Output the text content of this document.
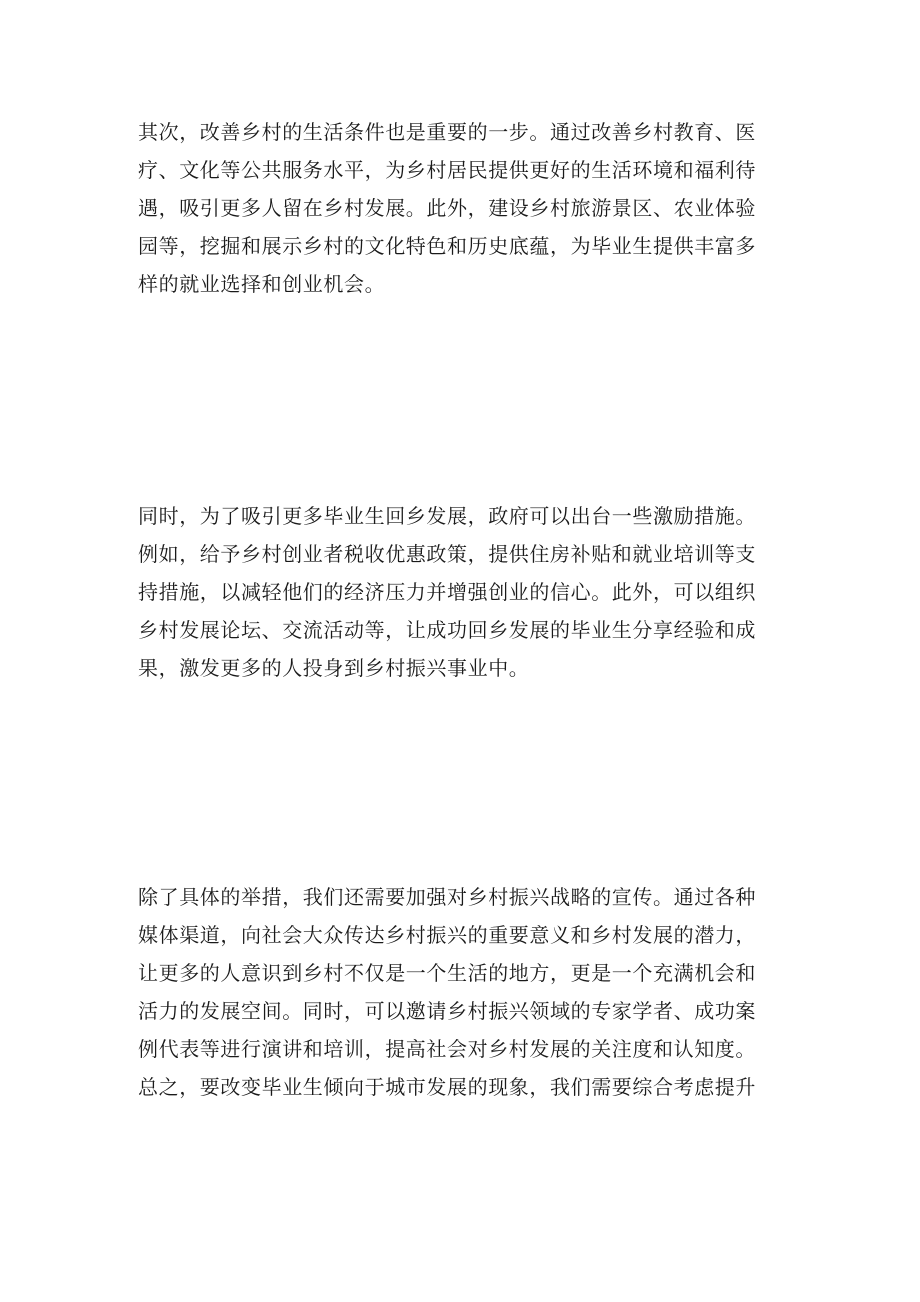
其次，改善乡村的生活条件也是重要的一步。通过改善乡村教育、医
疗、文化等公共服务水平，为乡村居民提供更好的生活环境和福利待
遇，吸引更多人留在乡村发展。此外，建设乡村旅游景区、农业体验
园等，挖掘和展示乡村的文化特色和历史底蕴，为毕业生提供丰富多
样的就业选择和创业机会。
同时，为了吸引更多毕业生回乡发展，政府可以出台一些激励措施。
例如，给予乡村创业者税收优惠政策，提供住房补贴和就业培训等支
持措施，以减轻他们的经济压力并增强创业的信心。此外，可以组织
乡村发展论坛、交流活动等，让成功回乡发展的毕业生分享经验和成
果，激发更多的人投身到乡村振兴事业中。
除了具体的举措，我们还需要加强对乡村振兴战略的宣传。通过各种
媒体渠道，向社会大众传达乡村振兴的重要意义和乡村发展的潜力，
让更多的人意识到乡村不仅是一个生活的地方，更是一个充满机会和
活力的发展空间。同时，可以邀请乡村振兴领域的专家学者、成功案
例代表等进行演讲和培训，提高社会对乡村发展的关注度和认知度。
总之，要改变毕业生倾向于城市发展的现象，我们需要综合考虑提升
